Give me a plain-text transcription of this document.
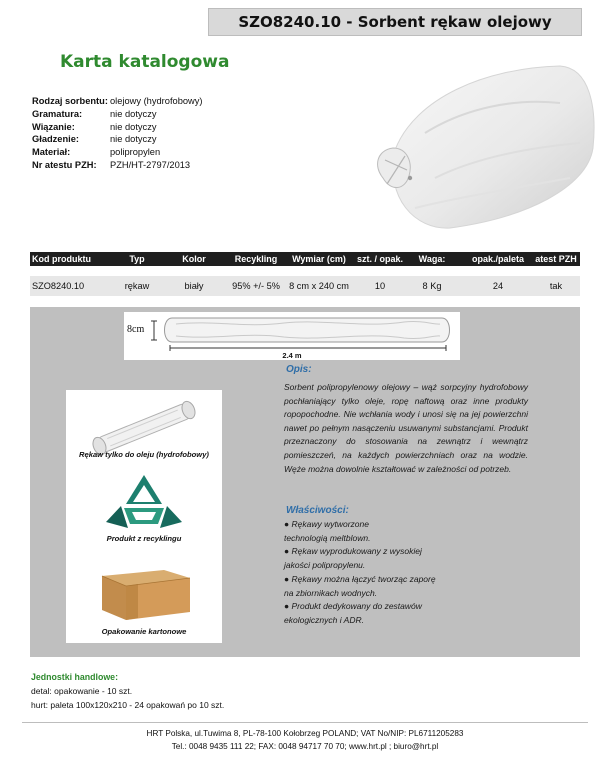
SZO8240.10 - Sorbent rękaw olejowy
Karta katalogowa
Rodzaj sorbentu: olejowy (hydrofobowy)
Gramatura:	nie dotyczy
Wiązanie:	nie dotyczy
Gładzenie:	nie dotyczy
Materiał:	polipropylen
Nr atestu PZH:	PZH/HT-2797/2013
Kod produktu	Typ	Kolor	Recykling	Wymiar (cm)	szt. / opak.	Waga:	opak./paleta	atest PZH
SZO8240.10	rękaw	biały	95% +/- 5%	8 cm x 240 cm	10	8 Kg	24	tak
8cm
2.4 m
Rękaw tylko do oleju (hydrofobowy)
Produkt z recyklingu
Opakowanie kartonowe
Opis:
Sorbent polipropylenowy olejowy – wąż sorpcyjny hydrofobowy pochłaniający tylko oleje, ropę naftową oraz inne produkty ropopochodne. Nie wchłania wody i unosi się na jej powierzchni nawet po pełnym nasączeniu usuwanymi substancjami. Produkt przeznaczony do stosowania na zewnątrz i wewnątrz pomieszczeń, na każdych powierzchniach oraz na wodzie. Węże można dowolnie kształtować w zależności od potrzeb.
Właściwości:
● Rękawy wytworzone
technologią meltblown.
● Rękaw wyprodukowany z wysokiej
jakości polipropylenu.
● Rękawy można łączyć tworząc zaporę
na zbiornikach wodnych.
● Produkt dedykowany do zestawów
ekologicznych i ADR.
Jednostki handlowe:
detal: opakowanie - 10 szt.
hurt: paleta 100x120x210 - 24 opakowań po 10 szt.
HRT Polska, ul.Tuwima 8, PL-78-100 Kołobrzeg POLAND; VAT No/NIP: PL6711205283
Tel.: 0048 9435 111 22; FAX: 0048 94717 70 70; www.hrt.pl ; biuro@hrt.pl
